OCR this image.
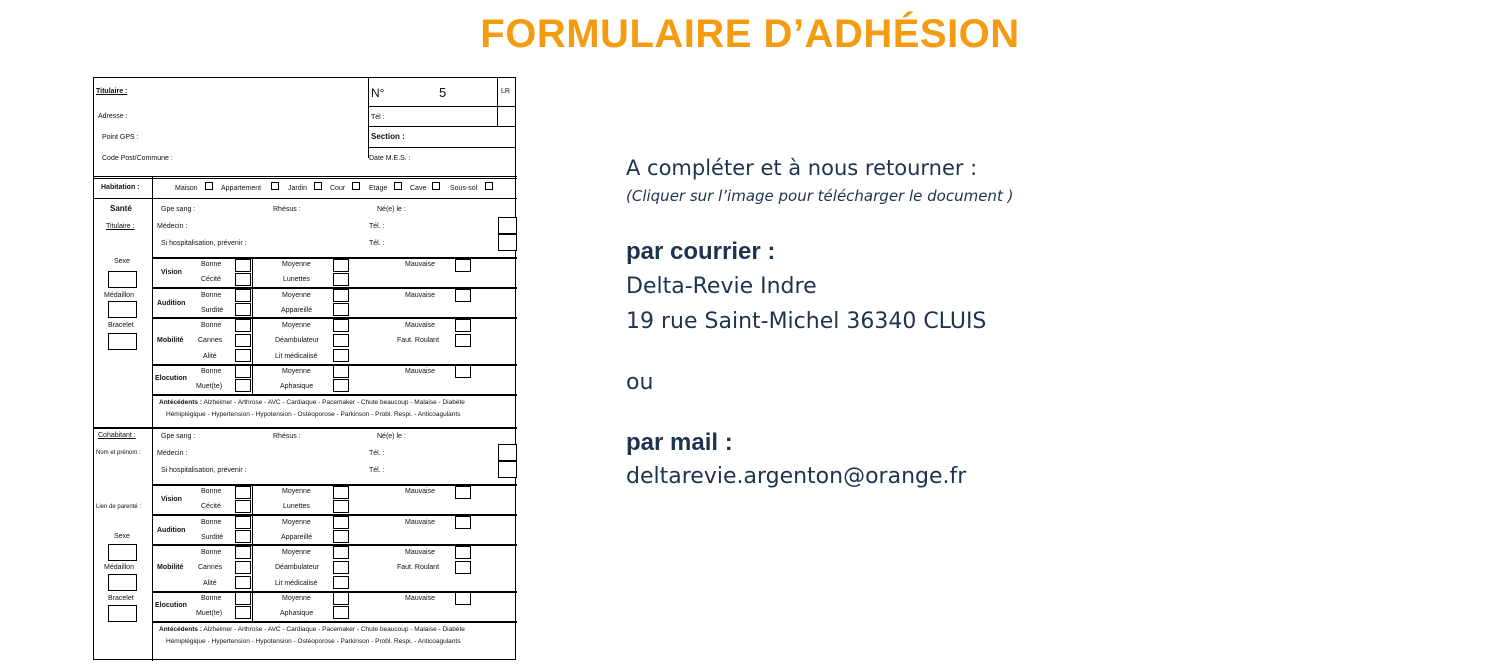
FORMULAIRE D’ADHÉSION
Titulaire :
Adresse :
Point GPS :
Code Post/Commune :
N°	5	LR
Tél :
Section :
Date M.E.S. :
Habitation :	Maison	Appartement	Jardin	Cour	Etage	Cave	Sous-sol
Santé
Titulaire :
Sexe
Médaillon
Bracelet
Gpe sang :	Rhésus :	Né(e) le :
Médecin :	Tél. :
Si hospitalisation, prévenir :	Tél. :
Vision
Bonne	Moyenne	Mauvaise
Cécité	Lunettes
Audition
Bonne	Moyenne	Mauvaise
Surdité	Appareillé
Mobilité
Bonne	Moyenne	Mauvaise
Cannes	Déambulateur	Faut. Roulant
Alité	Lit médicalisé
Elocution
Bonne	Moyenne	Mauvaise
Muet(te)	Aphasique
Antécédents : Alzheimer - Arthrose - AVC - Cardiaque - Pacemaker - Chute beaucoup - Malaise - Diabète
Hémiplégique - Hypertension - Hypotension - Ostéoporose - Parkinson - Probl. Respi. - Anticoagulants
Cohabitant :
Nom et prénom :
Lien de parenté :
Sexe
Médaillon
Bracelet
Gpe sang :	Rhésus :	Né(e) le :
Médecin :	Tél. :
Si hospitalisation, prévenir :	Tél. :
Vision
Bonne	Moyenne	Mauvaise
Cécité	Lunettes
Audition
Bonne	Moyenne	Mauvaise
Surdité	Appareillé
Mobilité
Bonne	Moyenne	Mauvaise
Cannes	Déambulateur	Faut. Roulant
Alité	Lit médicalisé
Elocution
Bonne	Moyenne	Mauvaise
Muet(te)	Aphasique
Antécédents : Alzheimer - Arthrose - AVC - Cardiaque - Pacemaker - Chute beaucoup - Malaise - Diabète
Hémiplégique - Hypertension - Hypotension - Ostéoporose - Parkinson - Probl. Respi. - Anticoagulants
A compléter et à nous retourner :
(Cliquer sur l’image pour télécharger le document )
par courrier :
Delta-Revie Indre
19 rue Saint-Michel 36340 CLUIS
ou
par mail :
deltarevie.argenton@orange.fr
